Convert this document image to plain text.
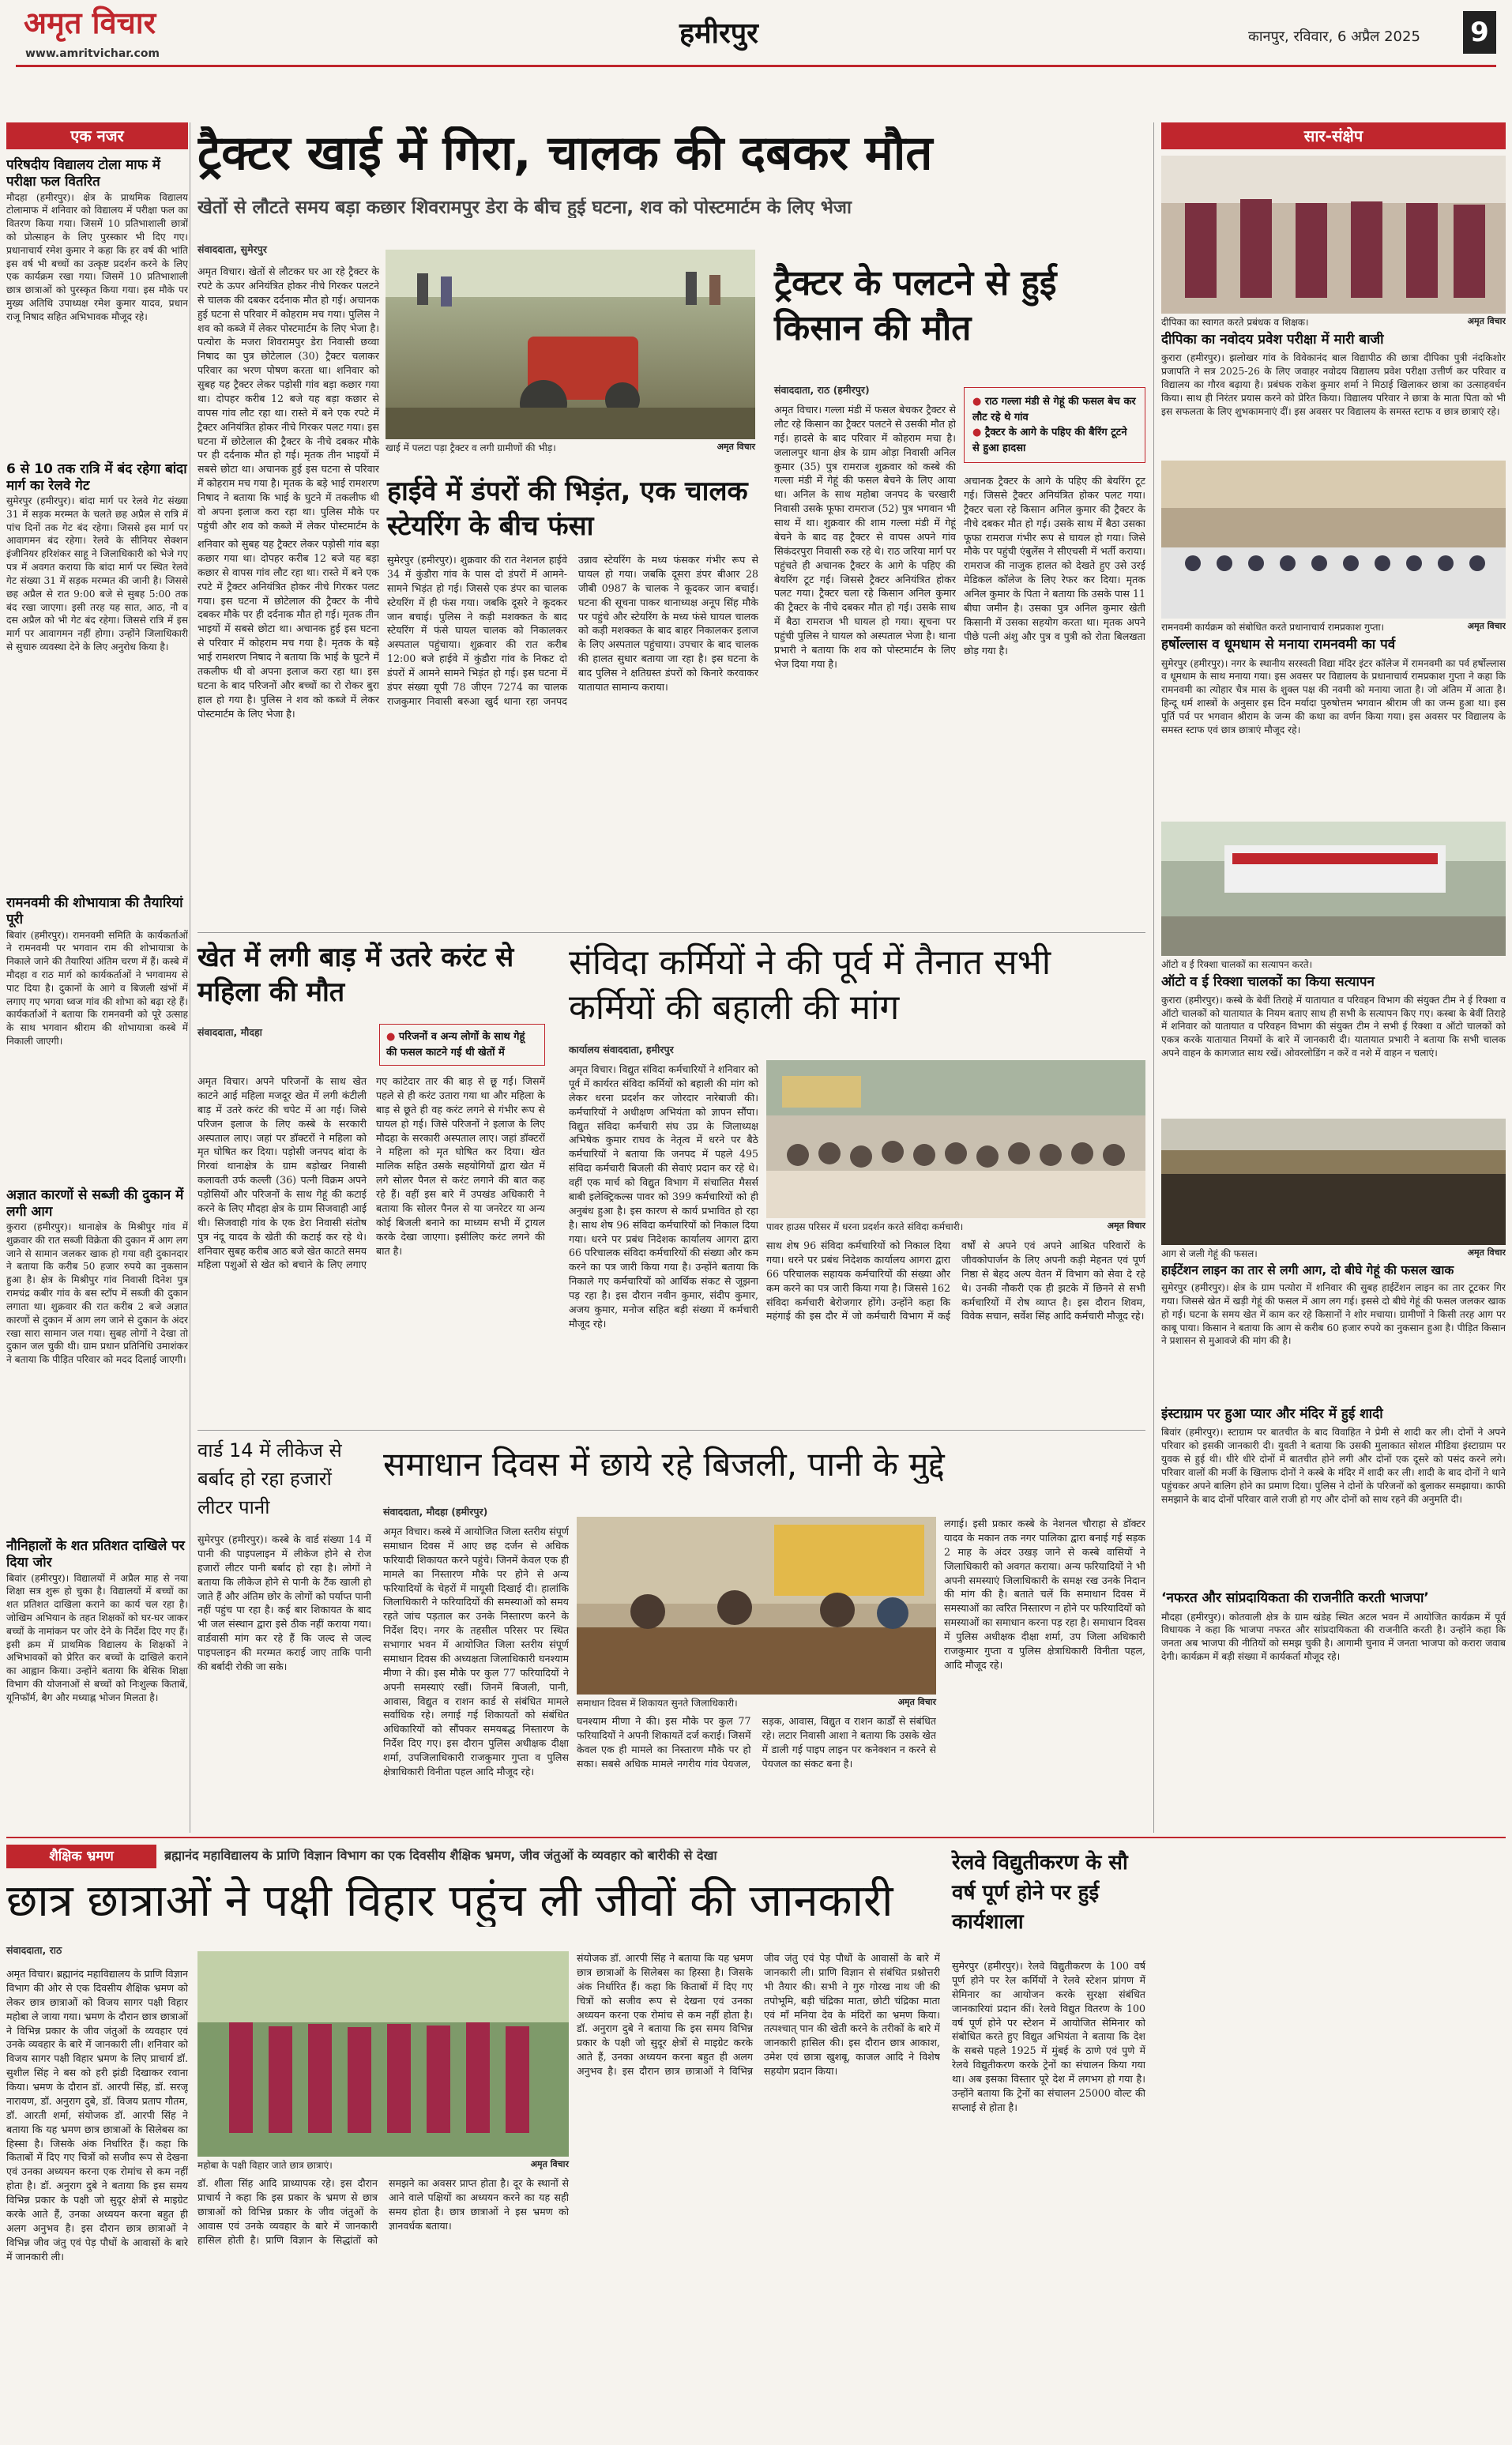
अमृत विचार
www.amritvichar.com
हमीरपुर	कानपुर, रविवार, 6 अप्रैल 2025 9
एक नजर
परिषदीय विद्यालय टोला माफ में परीक्षा फल वितरित
मौदहा (हमीरपुर)। क्षेत्र के प्राथमिक विद्यालय टोलामाफ में शनिवार को विद्यालय में परीक्षा फल का वितरण किया गया। जिसमें 10 प्रतिभाशाली छात्रों को प्रोत्साहन के लिए पुरस्कार भी दिए गए। प्रधानाचार्य रमेश कुमार ने कहा कि हर वर्ष की भांति इस वर्ष भी बच्चों का उत्कृष्ट प्रदर्शन करने के लिए एक कार्यक्रम रखा गया। जिसमें 10 प्रतिभाशाली छात्र छात्राओं को पुरस्कृत किया गया। इस मौके पर मुख्य अतिथि उपाध्यक्ष रमेश कुमार यादव, प्रधान राजू निषाद सहित अभिभावक मौजूद रहे।
6 से 10 तक रात्रि में बंद रहेगा बांदा मार्ग का रेलवे गेट
सुमेरपुर (हमीरपुर)। बांदा मार्ग पर रेलवे गेट संख्या 31 में सड़क मरम्मत के चलते छह अप्रैल से रात्रि में पांच दिनों तक गेट बंद रहेगा। जिससे इस मार्ग पर आवागमन बंद रहेगा। रेलवे के सीनियर सेक्शन इंजीनियर हरिशंकर साहू ने जिलाधिकारी को भेजे गए पत्र में अवगत कराया कि बांदा मार्ग पर स्थित रेलवे गेट संख्या 31 में सड़क मरम्मत की जानी है। जिससे छह अप्रैल से रात 9:00 बजे से सुबह 5:00 तक बंद रखा जाएगा। इसी तरह यह सात, आठ, नौ व दस अप्रैल को भी गेट बंद रहेगा। जिससे रात्रि में इस मार्ग पर आवागमन नहीं होगा। उन्होंने जिलाधिकारी से सुचारु व्यवस्था देने के लिए अनुरोध किया है।
रामनवमी की शोभायात्रा की तैयारियां पूरी
बिवांर (हमीरपुर)। रामनवमी समिति के कार्यकर्ताओं ने रामनवमी पर भगवान राम की शोभायात्रा के निकाले जाने की तैयारियां अंतिम चरण में हैं। कस्बे में मौदहा व राठ मार्ग को कार्यकर्ताओं ने भगवामय से पाट दिया है। दुकानों के आगे व बिजली खंभों में लगाए गए भगवा ध्वज गांव की शोभा को बढ़ा रहे हैं। कार्यकर्ताओं ने बताया कि रामनवमी को पूरे उत्साह के साथ भगवान श्रीराम की शोभायात्रा कस्बे में निकाली जाएगी।
अज्ञात कारणों से सब्जी की दुकान में लगी आग
कुरारा (हमीरपुर)। थानाक्षेत्र के मिश्रीपुर गांव में शुक्रवार की रात सब्जी विक्रेता की दुकान में आग लग जाने से सामान जलकर खाक हो गया वही दुकानदार ने बताया कि करीब 50 हजार रुपये का नुकसान हुआ है। क्षेत्र के मिश्रीपुर गांव निवासी दिनेश पुत्र रामचंद्र कबीर गांव के बस स्टॉप में सब्जी की दुकान लगाता था। शुक्रवार की रात करीब 2 बजे अज्ञात कारणों से दुकान में आग लग जाने से दुकान के अंदर रखा सारा सामान जल गया। सुबह लोगों ने देखा तो दुकान जल चुकी थी। ग्राम प्रधान प्रतिनिधि उमाशंकर ने बताया कि पीड़ित परिवार को मदद दिलाई जाएगी।
नौनिहालों के शत प्रतिशत दाखिले पर दिया जोर
बिवांर (हमीरपुर)। विद्यालयों में अप्रैल माह से नया शिक्षा सत्र शुरू हो चुका है। विद्यालयों में बच्चों का शत प्रतिशत दाखिला कराने का कार्य चल रहा है। जोखिम अभियान के तहत शिक्षकों को घर-घर जाकर बच्चों के नामांकन पर जोर देने के निर्देश दिए गए हैं। इसी क्रम में प्राथमिक विद्यालय के शिक्षकों ने अभिभावकों को प्रेरित कर बच्चों के दाखिले कराने का आह्वान किया। उन्होंने बताया कि बेसिक शिक्षा विभाग की योजनाओं से बच्चों को निःशुल्क किताबें, यूनिफॉर्म, बैग और मध्याह्न भोजन मिलता है।
ट्रैक्टर खाई में गिरा, चालक की दबकर मौत
खेतों से लौटते समय बड़ा कछार शिवरामपुर डेरा के बीच हुई घटना, शव को पोस्टमार्टम के लिए भेजा
संवाददाता, सुमेरपुर
अमृत विचार। खेतों से लौटकर घर आ रहे ट्रैक्टर के रपटे के ऊपर अनियंत्रित होकर नीचे गिरकर पलटने से चालक की दबकर दर्दनाक मौत हो गई। अचानक हुई घटना से परिवार में कोहराम मच गया। पुलिस ने शव को कब्जे में लेकर पोस्टमार्टम के लिए भेजा है। पत्योरा के मजरा शिवरामपुर डेरा निवासी छव्वा निषाद का पुत्र छोटेलाल (30) ट्रैक्टर चलाकर परिवार का भरण पोषण करता था। शनिवार को सुबह यह ट्रैक्टर लेकर पड़ोसी गांव बड़ा कछार गया था। दोपहर करीब 12 बजे यह बड़ा कछार से वापस गांव लौट रहा था। रास्ते में बने एक रपटे में ट्रैक्टर अनियंत्रित होकर नीचे गिरकर पलट गया। इस घटना में छोटेलाल की ट्रैक्टर के नीचे दबकर मौके पर ही दर्दनाक मौत हो गई। मृतक तीन भाइयों में सबसे छोटा था। अचानक हुई इस घटना से परिवार में कोहराम मच गया है। मृतक के बड़े भाई रामशरण निषाद ने बताया कि भाई के घुटने में तकलीफ थी वो अपना इलाज करा रहा था। पुलिस मौके पर पहुंची और शव को कब्जे में लेकर पोस्टमार्टम के
खाई में पलटा पड़ा ट्रैक्टर व लगी ग्रामीणों की भीड़।	अमृत विचार
ट्रैक्टर के पलटने से हुई किसान की मौत
संवाददाता, राठ (हमीरपुर)
अमृत विचार। गल्ला मंडी में फसल बेचकर ट्रैक्टर से लौट रहे किसान का ट्रैक्टर पलटने से उसकी मौत हो गई। हादसे के बाद परिवार में कोहराम मचा है। जलालपुर थाना क्षेत्र के ग्राम ओड़ा निवासी अनिल कुमार (35) पुत्र रामराज शुक्रवार को कस्बे की गल्ला मंडी में गेहूं की फसल बेचने के लिए आया था। अनिल के साथ महोबा जनपद के चरखारी निवासी उसके फूफा रामराज (52) पुत्र भगवान भी साथ में था। शुक्रवार की शाम गल्ला मंडी में गेहूं बेचने के बाद वह ट्रैक्टर से वापस अपने गांव सिकंदरपुरा निवासी रुक रहे थे। राठ जरिया मार्ग पर पहुंचते ही अचानक ट्रैक्टर के आगे के पहिए की बेयरिंग टूट गई। जिससे ट्रैक्टर अनियंत्रित होकर पलट गया। ट्रैक्टर चला रहे किसान अनिल कुमार की ट्रैक्टर के नीचे दबकर मौत हो गई। उसके साथ में बैठा रामराज भी घायल हो गया। सूचना पर पहुंची पुलिस ने घायल को अस्पताल भेजा है। थाना प्रभारी ने बताया कि शव को पोस्टमार्टम के लिए भेज दिया गया है।
● राठ गल्ला मंडी से गेहूं की फसल बेच कर लौट रहे थे गांव
● ट्रैक्टर के आगे के पहिए की बैरिंग टूटने से हुआ हादसा
अचानक ट्रैक्टर के आगे के पहिए की बेयरिंग टूट गई। जिससे ट्रैक्टर अनियंत्रित होकर पलट गया। ट्रैक्टर चला रहे किसान अनिल कुमार की ट्रैक्टर के नीचे दबकर मौत हो गई। उसके साथ में बैठा उसका फूफा रामराज गंभीर रूप से घायल हो गया। जिसे मौके पर पहुंची एंबुलेंस ने सीएचसी में भर्ती कराया। रामराज की नाजुक हालत को देखते हुए उसे उरई मेडिकल कॉलेज के लिए रेफर कर दिया। मृतक अनिल कुमार के पिता ने बताया कि उसके पास 11 बीघा जमीन है। उसका पुत्र अनिल कुमार खेती किसानी में उसका सहयोग करता था। मृतक अपने पीछे पत्नी अंशु और पुत्र व पुत्री को रोता बिलखता छोड़ गया है।
हाईवे में डंपरों की भिड़ंत, एक चालक स्टेयरिंग के बीच फंसा
सुमेरपुर (हमीरपुर)। शुक्रवार की रात नेशनल हाईवे 34 में कुंडौरा गांव के पास दो डंपरों में आमने-सामने भिड़ंत हो गई। जिससे एक डंपर का चालक स्टेयरिंग में ही फंस गया। जबकि दूसरे ने कूदकर जान बचाई। पुलिस ने कड़ी मशक्कत के बाद स्टेयरिंग में फंसे घायल चालक को निकालकर अस्पताल पहुंचाया। शुक्रवार की रात करीब 12:00 बजे हाईवे में कुंडौरा गांव के निकट दो डंपरों में आमने सामने भिड़ंत हो गई। इस घटना में डंपर संख्या यूपी 78 जीएन 7274 का चालक राजकुमार निवासी बरुआ खुर्द थाना रहा जनपद उन्नाव स्टेयरिंग के मध्य फंसकर गंभीर रूप से घायल हो गया। जबकि दूसरा डंपर बीआर 28 जीबी 0987 के चालक ने कूदकर जान बचाई। घटना की सूचना पाकर थानाध्यक्ष अनूप सिंह मौके पर पहुंचे और स्टेयरिंग के मध्य फंसे घायल चालक को कड़ी मशक्कत के बाद बाहर निकालकर इलाज के लिए अस्पताल पहुंचाया। उपचार के बाद चालक की हालत सुधार बताया जा रहा है। इस घटना के बाद पुलिस ने क्षतिग्रस्त डंपरों को किनारे करवाकर यातायात सामान्य कराया।
शनिवार को सुबह यह ट्रैक्टर लेकर पड़ोसी गांव बड़ा कछार गया था। दोपहर करीब 12 बजे यह बड़ा कछार से वापस गांव लौट रहा था। रास्ते में बने एक रपटे में ट्रैक्टर अनियंत्रित होकर नीचे गिरकर पलट गया। इस घटना में छोटेलाल की ट्रैक्टर के नीचे दबकर मौके पर ही दर्दनाक मौत हो गई। मृतक तीन भाइयों में सबसे छोटा था। अचानक हुई इस घटना से परिवार में कोहराम मच गया है। मृतक के बड़े भाई रामशरण निषाद ने बताया कि भाई के घुटने में तकलीफ थी वो अपना इलाज करा रहा था। इस घटना के बाद परिजनों और बच्चों का रो रोकर बुरा हाल हो गया है। पुलिस ने शव को कब्जे में लेकर पोस्टमार्टम के लिए भेजा है।
खेत में लगी बाड़ में उतरे करंट से महिला की मौत
संवाददाता, मौदहा	● परिजनों व अन्य लोगों के साथ गेहूं की फसल काटने गई थी खेतों में
अमृत विचार। अपने परिजनों के साथ खेत काटने आई महिला मजदूर खेत में लगी कंटीली बाड़ में उतरे करंट की चपेट में आ गई। जिसे परिजन इलाज के लिए कस्बे के सरकारी अस्पताल लाए। जहां पर डॉक्टरों ने महिला को मृत घोषित कर दिया। पड़ोसी जनपद बांदा के गिरवां थानाक्षेत्र के ग्राम बड़ोखर निवासी कलावती उर्फ कल्ली (36) पत्नी विक्रम अपने पड़ोसियों और परिजनों के साथ गेहूं की कटाई करने के लिए मौदहा क्षेत्र के ग्राम सिजवाही आई थी। सिजवाही गांव के एक डेरा निवासी संतोष पुत्र नंदू यादव के खेती की कटाई कर रहे थे। शनिवार सुबह करीब आठ बजे खेत काटते समय महिला पशुओं से खेत को बचाने के लिए लगाए गए कांटेदार तार की बाड़ से छू गई। जिसमें पहले से ही करंट उतारा गया था और महिला के बाड़ से छूते ही वह करंट लगने से गंभीर रूप से घायल हो गई। जिसे परिजनों ने इलाज के लिए मौदहा के सरकारी अस्पताल लाए। जहां डॉक्टरों ने महिला को मृत घोषित कर दिया। खेत मालिक सहित उसके सहयोगियों द्वारा खेत में लगे सोलर पैनल से करंट लगाने की बात कह रहे हैं। वहीं इस बारे में उपखंड अधिकारी ने बताया कि सोलर पैनल से या जनरेटर या अन्य कोई बिजली बनाने का माध्यम सभी में ट्रायल करके देखा जाएगा। इसीलिए करंट लगने की बात है।
संविदा कर्मियों ने की पूर्व में तैनात सभी कर्मियों की बहाली की मांग
कार्यालय संवाददाता, हमीरपुर
अमृत विचार। विद्युत संविदा कर्मचारियों ने शनिवार को पूर्व में कार्यरत संविदा कर्मियों को बहाली की मांग को लेकर धरना प्रदर्शन कर जोरदार नारेबाजी की। कर्मचारियों ने अधीक्षण अभियंता को ज्ञापन सौंपा। विद्युत संविदा कर्मचारी संघ उप्र के जिलाध्यक्ष अभिषेक कुमार राघव के नेतृत्व में धरने पर बैठे कर्मचारियों ने बताया कि जनपद में पहले 495 संविदा कर्मचारी बिजली की सेवाएं प्रदान कर रहे थे। वहीं एक मार्च को विद्युत विभाग में संचालित मैसर्स बाबी इलेक्ट्रिकल्स पावर को 399 कर्मचारियों को ही अनुबंध हुआ है। इस कारण से कार्य प्रभावित हो रहा है। साथ शेष 96 संविदा कर्मचारियों को निकाल दिया गया। धरने पर प्रबंध निदेशक कार्यालय आगरा द्वारा 66 परिचालक संविदा कर्मचारियों की संख्या और कम करने का पत्र जारी किया गया है। उन्होंने बताया कि निकाले गए कर्मचारियों को आर्थिक संकट से जूझना पड़ रहा है। इस दौरान नवीन कुमार, संदीप कुमार, अजय कुमार, मनोज सहित बड़ी संख्या में कर्मचारी मौजूद रहे।
पावर हाउस परिसर में धरना प्रदर्शन करते संविदा कर्मचारी।	अमृत विचार
साथ शेष 96 संविदा कर्मचारियों को निकाल दिया गया। धरने पर प्रबंध निदेशक कार्यालय आगरा द्वारा 66 परिचालक सहायक कर्मचारियों की संख्या और कम करने का पत्र जारी किया गया है। जिससे 162 संविदा कर्मचारी बेरोजगार होंगे। उन्होंने कहा कि महंगाई की इस दौर में जो कर्मचारी विभाग में कई वर्षों से अपने एवं अपने आश्रित परिवारों के जीवकोपार्जन के लिए अपनी कड़ी मेहनत एवं पूर्ण निष्ठा से बेहद अल्प वेतन में विभाग को सेवा दे रहे थे। उनकी नौकरी एक ही झटके में छिनने से सभी कर्मचारियों में रोष व्याप्त है। इस दौरान शिवम, विवेक सचान, सर्वेश सिंह आदि कर्मचारी मौजूद रहे।
वार्ड 14 में लीकेज से बर्बाद हो रहा हजारों लीटर पानी
सुमेरपुर (हमीरपुर)। कस्बे के वार्ड संख्या 14 में पानी की पाइपलाइन में लीकेज होने से रोज हजारों लीटर पानी बर्बाद हो रहा है। लोगों ने बताया कि लीकेज होने से पानी के टैंक खाली हो जाते हैं और अंतिम छोर के लोगों को पर्याप्त पानी नहीं पहुंच पा रहा है। कई बार शिकायत के बाद भी जल संस्थान द्वारा इसे ठीक नहीं कराया गया। वार्डवासी मांग कर रहे हैं कि जल्द से जल्द पाइपलाइन की मरम्मत कराई जाए ताकि पानी की बर्बादी रोकी जा सके।
समाधान दिवस में छाये रहे बिजली, पानी के मुद्दे
संवाददाता, मौदहा (हमीरपुर)
अमृत विचार। कस्बे में आयोजित जिला स्तरीय संपूर्ण समाधान दिवस में आए छह दर्जन से अधिक फरियादी शिकायत करने पहुंचे। जिनमें केवल एक ही मामले का निस्तारण मौके पर होने से अन्य फरियादियों के चेहरों में मायूसी दिखाई दी। हालांकि जिलाधिकारी ने फरियादियों की समस्याओं को समय रहते जांच पड़ताल कर उनके निस्तारण करने के निर्देश दिए। नगर के तहसील परिसर पर स्थित सभागार भवन में आयोजित जिला स्तरीय संपूर्ण समाधान दिवस की अध्यक्षता जिलाधिकारी घनश्याम मीणा ने की। इस मौके पर कुल 77 फरियादियों ने अपनी समस्याएं रखीं। जिनमें बिजली, पानी, आवास, विद्युत व राशन कार्ड से संबंधित मामले सर्वाधिक रहे। लगाई गई शिकायतों को संबंधित अधिकारियों को सौंपकर समयबद्ध निस्तारण के निर्देश दिए गए। इस दौरान पुलिस अधीक्षक दीक्षा शर्मा, उपजिलाधिकारी राजकुमार गुप्ता व पुलिस क्षेत्राधिकारी विनीता पहल आदि मौजूद रहे।
समाधान दिवस में शिकायत सुनते जिलाधिकारी।	अमृत विचार
घनश्याम मीणा ने की। इस मौके पर कुल 77 फरियादियों ने अपनी शिकायतें दर्ज कराई। जिसमें केवल एक ही मामले का निस्तारण मौके पर हो सका। सबसे अधिक मामले नगरीय गांव पेयजल, सड़क, आवास, विद्युत व राशन कार्डों से संबंधित रहे। लटार निवासी आशा ने बताया कि उसके खेत में डाली गई पाइप लाइन पर कनेक्शन न करने से पेयजल का संकट बना है।
लगाई। इसी प्रकार कस्बे के नेशनल चौराहा से डॉक्टर यादव के मकान तक नगर पालिका द्वारा बनाई गई सड़क 2 माह के अंदर उखड़ जाने से कस्बे वासियों ने जिलाधिकारी को अवगत कराया। अन्य फरियादियों ने भी अपनी समस्याएं जिलाधिकारी के समक्ष रख उनके निदान की मांग की है। बताते चलें कि समाधान दिवस में समस्याओं का त्वरित निस्तारण न होने पर फरियादियों को समस्याओं का समाधान करना पड़ रहा है। समाधान दिवस में पुलिस अधीक्षक दीक्षा शर्मा, उप जिला अधिकारी राजकुमार गुप्ता व पुलिस क्षेत्राधिकारी विनीता पहल, आदि मौजूद रहे।
सार-संक्षेप
दीपिका का स्वागत करते प्रबंधक व शिक्षक।	अमृत विचार
दीपिका का नवोदय प्रवेश परीक्षा में मारी बाजी
कुरारा (हमीरपुर)। झलोखर गांव के विवेकानंद बाल विद्यापीठ की छात्रा दीपिका पुत्री नंदकिशोर प्रजापति ने सत्र 2025-26 के लिए जवाहर नवोदय विद्यालय प्रवेश परीक्षा उत्तीर्ण कर परिवार व विद्यालय का गौरव बढ़ाया है। प्रबंधक राकेश कुमार शर्मा ने मिठाई खिलाकर छात्रा का उत्साहवर्धन किया। साथ ही निरंतर प्रयास करने को प्रेरित किया। विद्यालय परिवार ने छात्रा के माता पिता को भी इस सफलता के लिए शुभकामनाएं दीं। इस अवसर पर विद्यालय के समस्त स्टाफ व छात्र छात्राएं रहे।
रामनवमी कार्यक्रम को संबोधित करते प्रधानाचार्य रामप्रकाश गुप्ता।	अमृत विचार
हर्षोल्लास व धूमधाम से मनाया रामनवमी का पर्व
सुमेरपुर (हमीरपुर)। नगर के स्थानीय सरस्वती विद्या मंदिर इंटर कॉलेज में रामनवमी का पर्व हर्षोल्लास व धूमधाम के साथ मनाया गया। इस अवसर पर विद्यालय के प्रधानाचार्य रामप्रकाश गुप्ता ने कहा कि रामनवमी का त्योहार चैत्र मास के शुक्ल पक्ष की नवमी को मनाया जाता है। जो अंतिम में आता है। हिन्दू धर्म शास्त्रों के अनुसार इस दिन मर्यादा पुरुषोत्तम भगवान श्रीराम जी का जन्म हुआ था। इस पूर्ति पर्व पर भगवान श्रीराम के जन्म की कथा का वर्णन किया गया। इस अवसर पर विद्यालय के समस्त स्टाफ एवं छात्र छात्राएं मौजूद रहे।
ऑटो व ई रिक्शा चालकों का सत्यापन करते।
ऑटो व ई रिक्शा चालकों का किया सत्यापन
कुरारा (हमीरपुर)। कस्बे के बेवीं तिराहे में यातायात व परिवहन विभाग की संयुक्त टीम ने ई रिक्शा व ऑटो चालकों को यातायात के नियम बताए साथ ही सभी के सत्यापन किए गए। कस्बा के बेवीं तिराहे में शनिवार को यातायात व परिवहन विभाग की संयुक्त टीम ने सभी ई रिक्शा व ऑटो चालकों को एकत्र करके यातायात नियमों के बारे में जानकारी दी। यातायात प्रभारी ने बताया कि सभी चालक अपने वाहन के कागजात साथ रखें। ओवरलोडिंग न करें व नशे में वाहन न चलाएं।
आग से जली गेहूं की फसल।	अमृत विचार
हाईटेंशन लाइन का तार से लगी आग, दो बीघे गेहूं की फसल खाक
सुमेरपुर (हमीरपुर)। क्षेत्र के ग्राम पत्योरा में शनिवार की सुबह हाईटेंशन लाइन का तार टूटकर गिर गया। जिससे खेत में खड़ी गेहूं की फसल में आग लग गई। इससे दो बीघे गेहूं की फसल जलकर खाक हो गई। घटना के समय खेत में काम कर रहे किसानों ने शोर मचाया। ग्रामीणों ने किसी तरह आग पर काबू पाया। किसान ने बताया कि आग से करीब 60 हजार रुपये का नुकसान हुआ है। पीड़ित किसान ने प्रशासन से मुआवजे की मांग की है।
इंस्टाग्राम पर हुआ प्यार और मंदिर में हुई शादी
बिवांर (हमीरपुर)। स्टाग्राम पर बातचीत के बाद विवाहित ने प्रेमी से शादी कर ली। दोनों ने अपने परिवार को इसकी जानकारी दी। युवती ने बताया कि उसकी मुलाकात सोशल मीडिया इंस्टाग्राम पर युवक से हुई थी। धीरे धीरे दोनों में बातचीत होने लगी और दोनों एक दूसरे को पसंद करने लगे। परिवार वालों की मर्जी के खिलाफ दोनों ने कस्बे के मंदिर में शादी कर ली। शादी के बाद दोनों ने थाने पहुंचकर अपने बालिग होने का प्रमाण दिया। पुलिस ने दोनों के परिजनों को बुलाकर समझाया। काफी समझाने के बाद दोनों परिवार वाले राजी हो गए और दोनों को साथ रहने की अनुमति दी।
‘नफरत और सांप्रदायिकता की राजनीति करती भाजपा’
मौदहा (हमीरपुर)। कोतवाली क्षेत्र के ग्राम खंडेह स्थित अटल भवन में आयोजित कार्यक्रम में पूर्व विधायक ने कहा कि भाजपा नफरत और सांप्रदायिकता की राजनीति करती है। उन्होंने कहा कि जनता अब भाजपा की नीतियों को समझ चुकी है। आगामी चुनाव में जनता भाजपा को करारा जवाब देगी। कार्यक्रम में बड़ी संख्या में कार्यकर्ता मौजूद रहे।
शैक्षिक भ्रमण	ब्रह्मानंद महाविद्यालय के प्राणि विज्ञान विभाग का एक दिवसीय शैक्षिक भ्रमण, जीव जंतुओं के व्यवहार को बारीकी से देखा
छात्र छात्राओं ने पक्षी विहार पहुंच ली जीवों की जानकारी
संवाददाता, राठ
अमृत विचार। ब्रह्मानंद महाविद्यालय के प्राणि विज्ञान विभाग की ओर से एक दिवसीय शैक्षिक भ्रमण को लेकर छात्र छात्राओं को विजय सागर पक्षी विहार महोबा ले जाया गया। भ्रमण के दौरान छात्र छात्राओं ने विभिन्न प्रकार के जीव जंतुओं के व्यवहार एवं उनके व्यवहार के बारे में जानकारी ली। शनिवार को विजय सागर पक्षी विहार भ्रमण के लिए प्राचार्य डॉ. सुशील सिंह ने बस को हरी झंडी दिखाकर रवाना किया। भ्रमण के दौरान डॉ. आरपी सिंह, डॉ. सरजू नारायण, डॉ. अनुराग दुबे, डॉ. विजय प्रताप गौतम, डॉ. आरती शर्मा, संयोजक डॉ. आरपी सिंह ने बताया कि यह भ्रमण छात्र छात्राओं के सिलेबस का हिस्सा है। जिसके अंक निर्धारित हैं। कहा कि किताबों में दिए गए चित्रों को सजीव रूप से देखना एवं उनका अध्ययन करना एक रोमांच से कम नहीं होता है। डॉ. अनुराग दुबे ने बताया कि इस समय विभिन्न प्रकार के पक्षी जो सुदूर क्षेत्रों से माइग्रेट करके आते हैं, उनका अध्ययन करना बहुत ही अलग अनुभव है। इस दौरान छात्र छात्राओं ने विभिन्न जीव जंतु एवं पेड़ पौधों के आवासों के बारे में जानकारी ली।
महोबा के पक्षी विहार जाते छात्र छात्राएं।	अमृत विचार
डॉ. शीला सिंह आदि प्राध्यापक रहे। इस दौरान प्राचार्य ने कहा कि इस प्रकार के भ्रमण से छात्र छात्राओं को विभिन्न प्रकार के जीव जंतुओं के आवास एवं उनके व्यवहार के बारे में जानकारी हासिल होती है। प्राणि विज्ञान के सिद्धांतों को समझने का अवसर प्राप्त होता है। दूर के स्थानों से आने वाले पक्षियों का अध्ययन करने का यह सही समय होता है। छात्र छात्राओं ने इस भ्रमण को ज्ञानवर्धक बताया।
संयोजक डॉ. आरपी सिंह ने बताया कि यह भ्रमण छात्र छात्राओं के सिलेबस का हिस्सा है। जिसके अंक निर्धारित हैं। कहा कि किताबों में दिए गए चित्रों को सजीव रूप से देखना एवं उनका अध्ययन करना एक रोमांच से कम नहीं होता है। डॉ. अनुराग दुबे ने बताया कि इस समय विभिन्न प्रकार के पक्षी जो सुदूर क्षेत्रों से माइग्रेट करके आते हैं, उनका अध्ययन करना बहुत ही अलग अनुभव है। इस दौरान छात्र छात्राओं ने विभिन्न जीव जंतु एवं पेड़ पौधों के आवासों के बारे में जानकारी ली। प्राणि विज्ञान से संबंधित प्रश्नोत्तरी भी तैयार की। सभी ने गुरु गोरख नाथ जी की तपोभूमि, बड़ी चंद्रिका माता, छोटी चंद्रिका माता एवं माँ मनिया देव के मंदिरों का भ्रमण किया। तत्पश्चात् पान की खेती करने के तरीकों के बारे में जानकारी हासिल की। इस दौरान छात्र आकाश, उमेश एवं छात्रा खुशबू, काजल आदि ने विशेष सहयोग प्रदान किया।
रेलवे विद्युतीकरण के सौ वर्ष पूर्ण होने पर हुई कार्यशाला
सुमेरपुर (हमीरपुर)। रेलवे विद्युतीकरण के 100 वर्ष पूर्ण होने पर रेल कर्मियों ने रेलवे स्टेशन प्रांगण में सेमिनार का आयोजन करके सुरक्षा संबंधित जानकारियां प्रदान कीं। रेलवे विद्युत वितरण के 100 वर्ष पूर्ण होने पर स्टेशन में आयोजित सेमिनार को संबोधित करते हुए विद्युत अभियंता ने बताया कि देश के सबसे पहले 1925 में मुंबई के ठाणे एवं पुणे में रेलवे विद्युतीकरण करके ट्रेनों का संचालन किया गया था। अब इसका विस्तार पूरे देश में लगभग हो गया है। उन्होंने बताया कि ट्रेनों का संचालन 25000 वोल्ट की सप्लाई से होता है।
